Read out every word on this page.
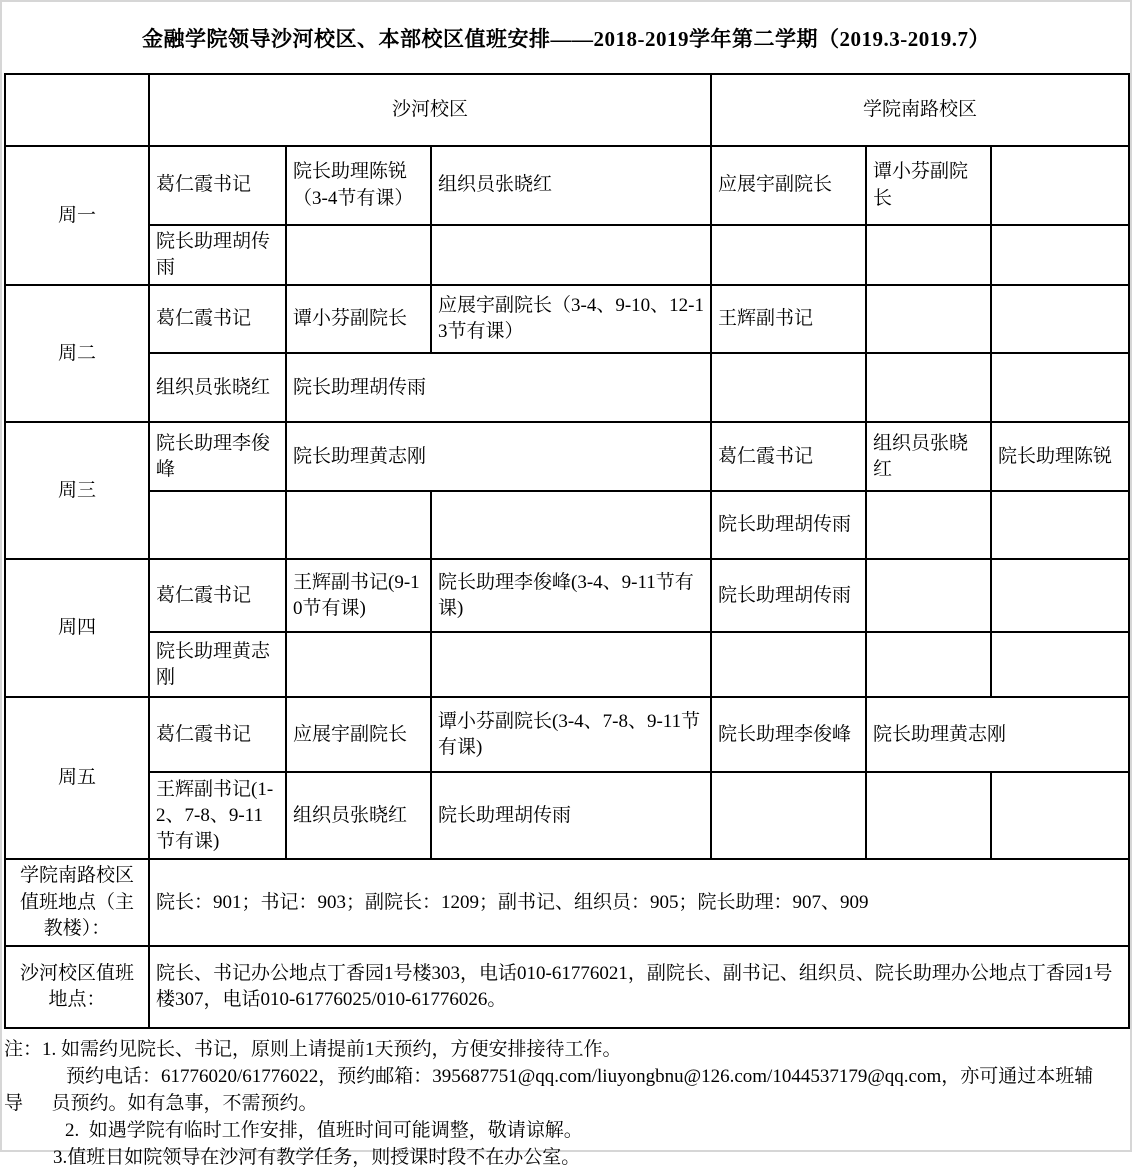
金融学院领导沙河校区、本部校区值班安排——2018-2019学年第二学期（2019.3-2019.7）
	沙河校区			学院南路校区		
周一	葛仁霞书记	院长助理陈锐（3-4节有课）	组织员张晓红	应展宇副院长	谭小芬副院长	
	院长助理胡传雨					
周二	葛仁霞书记	谭小芬副院长	应展宇副院长（3-4、9-10、12-13节有课）	王辉副书记		
	组织员张晓红	院长助理胡传雨				
周三	院长助理李俊峰	院长助理黄志刚		葛仁霞书记	组织员张晓红	院长助理陈锐
				院长助理胡传雨		
周四	葛仁霞书记	王辉副书记(9-10节有课)	院长助理李俊峰(3-4、9-11节有课)	院长助理胡传雨		
	院长助理黄志刚					
周五	葛仁霞书记	应展宇副院长	谭小芬副院长(3-4、7-8、9-11节有课)	院长助理李俊峰	院长助理黄志刚	
	王辉副书记(1-2、7-8、9-11节有课)	组织员张晓红	院长助理胡传雨			
学院南路校区值班地点（主教楼）：	院长：901；书记：903；副院长：1209；副书记、组织员：905；院长助理：907、909					
沙河校区值班地点：	院长、书记办公地点丁香园1号楼303，电话010-61776021，副院长、副书记、组织员、院长助理办公地点丁香园1号楼307，电话010-61776025/010-61776026。					

注：1. 如需约见院长、书记，原则上请提前1天预约，方便安排接待工作。

预约电话：61776020/61776022，预约邮箱：395687751@qq.com/liuyongbnu@126.com/1044537179@qq.com，亦可通过本班辅

导      员预约。如有急事，不需预约。

2.  如遇学院有临时工作安排，值班时间可能调整，敬请谅解。

3.值班日如院领导在沙河有教学任务，则授课时段不在办公室。
